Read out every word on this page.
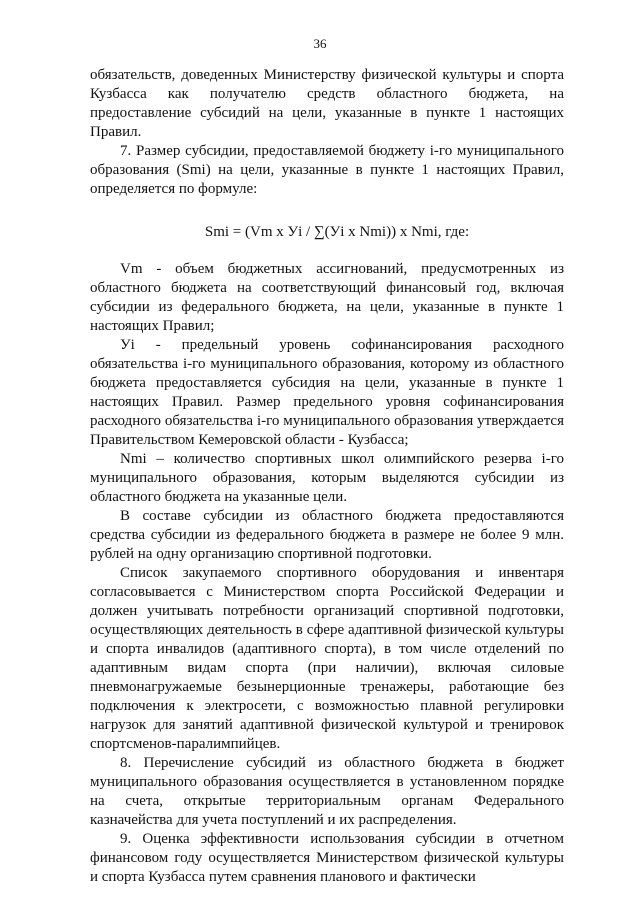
36

обязательств, доведенных Министерству физической культуры и спорта Кузбасса как получателю средств областного бюджета, на предоставление субсидий на цели, указанные в пункте 1 настоящих Правил.

7. Размер субсидии, предоставляемой бюджету i-го муниципального образования (Smi) на цели, указанные в пункте 1 настоящих Правил, определяется по формуле:

Smi = (Vm x Уi / ∑(Уi x Nmi)) x Nmi, где:

Vm - объем бюджетных ассигнований, предусмотренных из областного бюджета на соответствующий финансовый год, включая субсидии из федерального бюджета, на цели, указанные в пункте 1 настоящих Правил;

Уi - предельный уровень софинансирования расходного обязательства i-го муниципального образования, которому из областного бюджета предоставляется субсидия на цели, указанные в пункте 1 настоящих Правил. Размер предельного уровня софинансирования расходного обязательства i-го муниципального образования утверждается Правительством Кемеровской области - Кузбасса;

Nmi – количество спортивных школ олимпийского резерва i-го муниципального образования, которым выделяются субсидии из областного бюджета на указанные цели.

В составе субсидии из областного бюджета предоставляются средства субсидии из федерального бюджета в размере не более 9 млн. рублей на одну организацию спортивной подготовки.

Список закупаемого спортивного оборудования и инвентаря согласовывается с Министерством спорта Российской Федерации и должен учитывать потребности организаций спортивной подготовки, осуществляющих деятельность в сфере адаптивной физической культуры и спорта инвалидов (адаптивного спорта), в том числе отделений по адаптивным видам спорта (при наличии), включая силовые пневмонагружаемые безынерционные тренажеры, работающие без подключения к электросети, с возможностью плавной регулировки нагрузок для занятий адаптивной физической культурой и тренировок спортсменов-паралимпийцев.

8. Перечисление субсидий из областного бюджета в бюджет муниципального образования осуществляется в установленном порядке на счета, открытые территориальным органам Федерального казначейства для учета поступлений и их распределения.

9. Оценка эффективности использования субсидии в отчетном финансовом году осуществляется Министерством физической культуры и спорта Кузбасса путем сравнения планового и фактически
